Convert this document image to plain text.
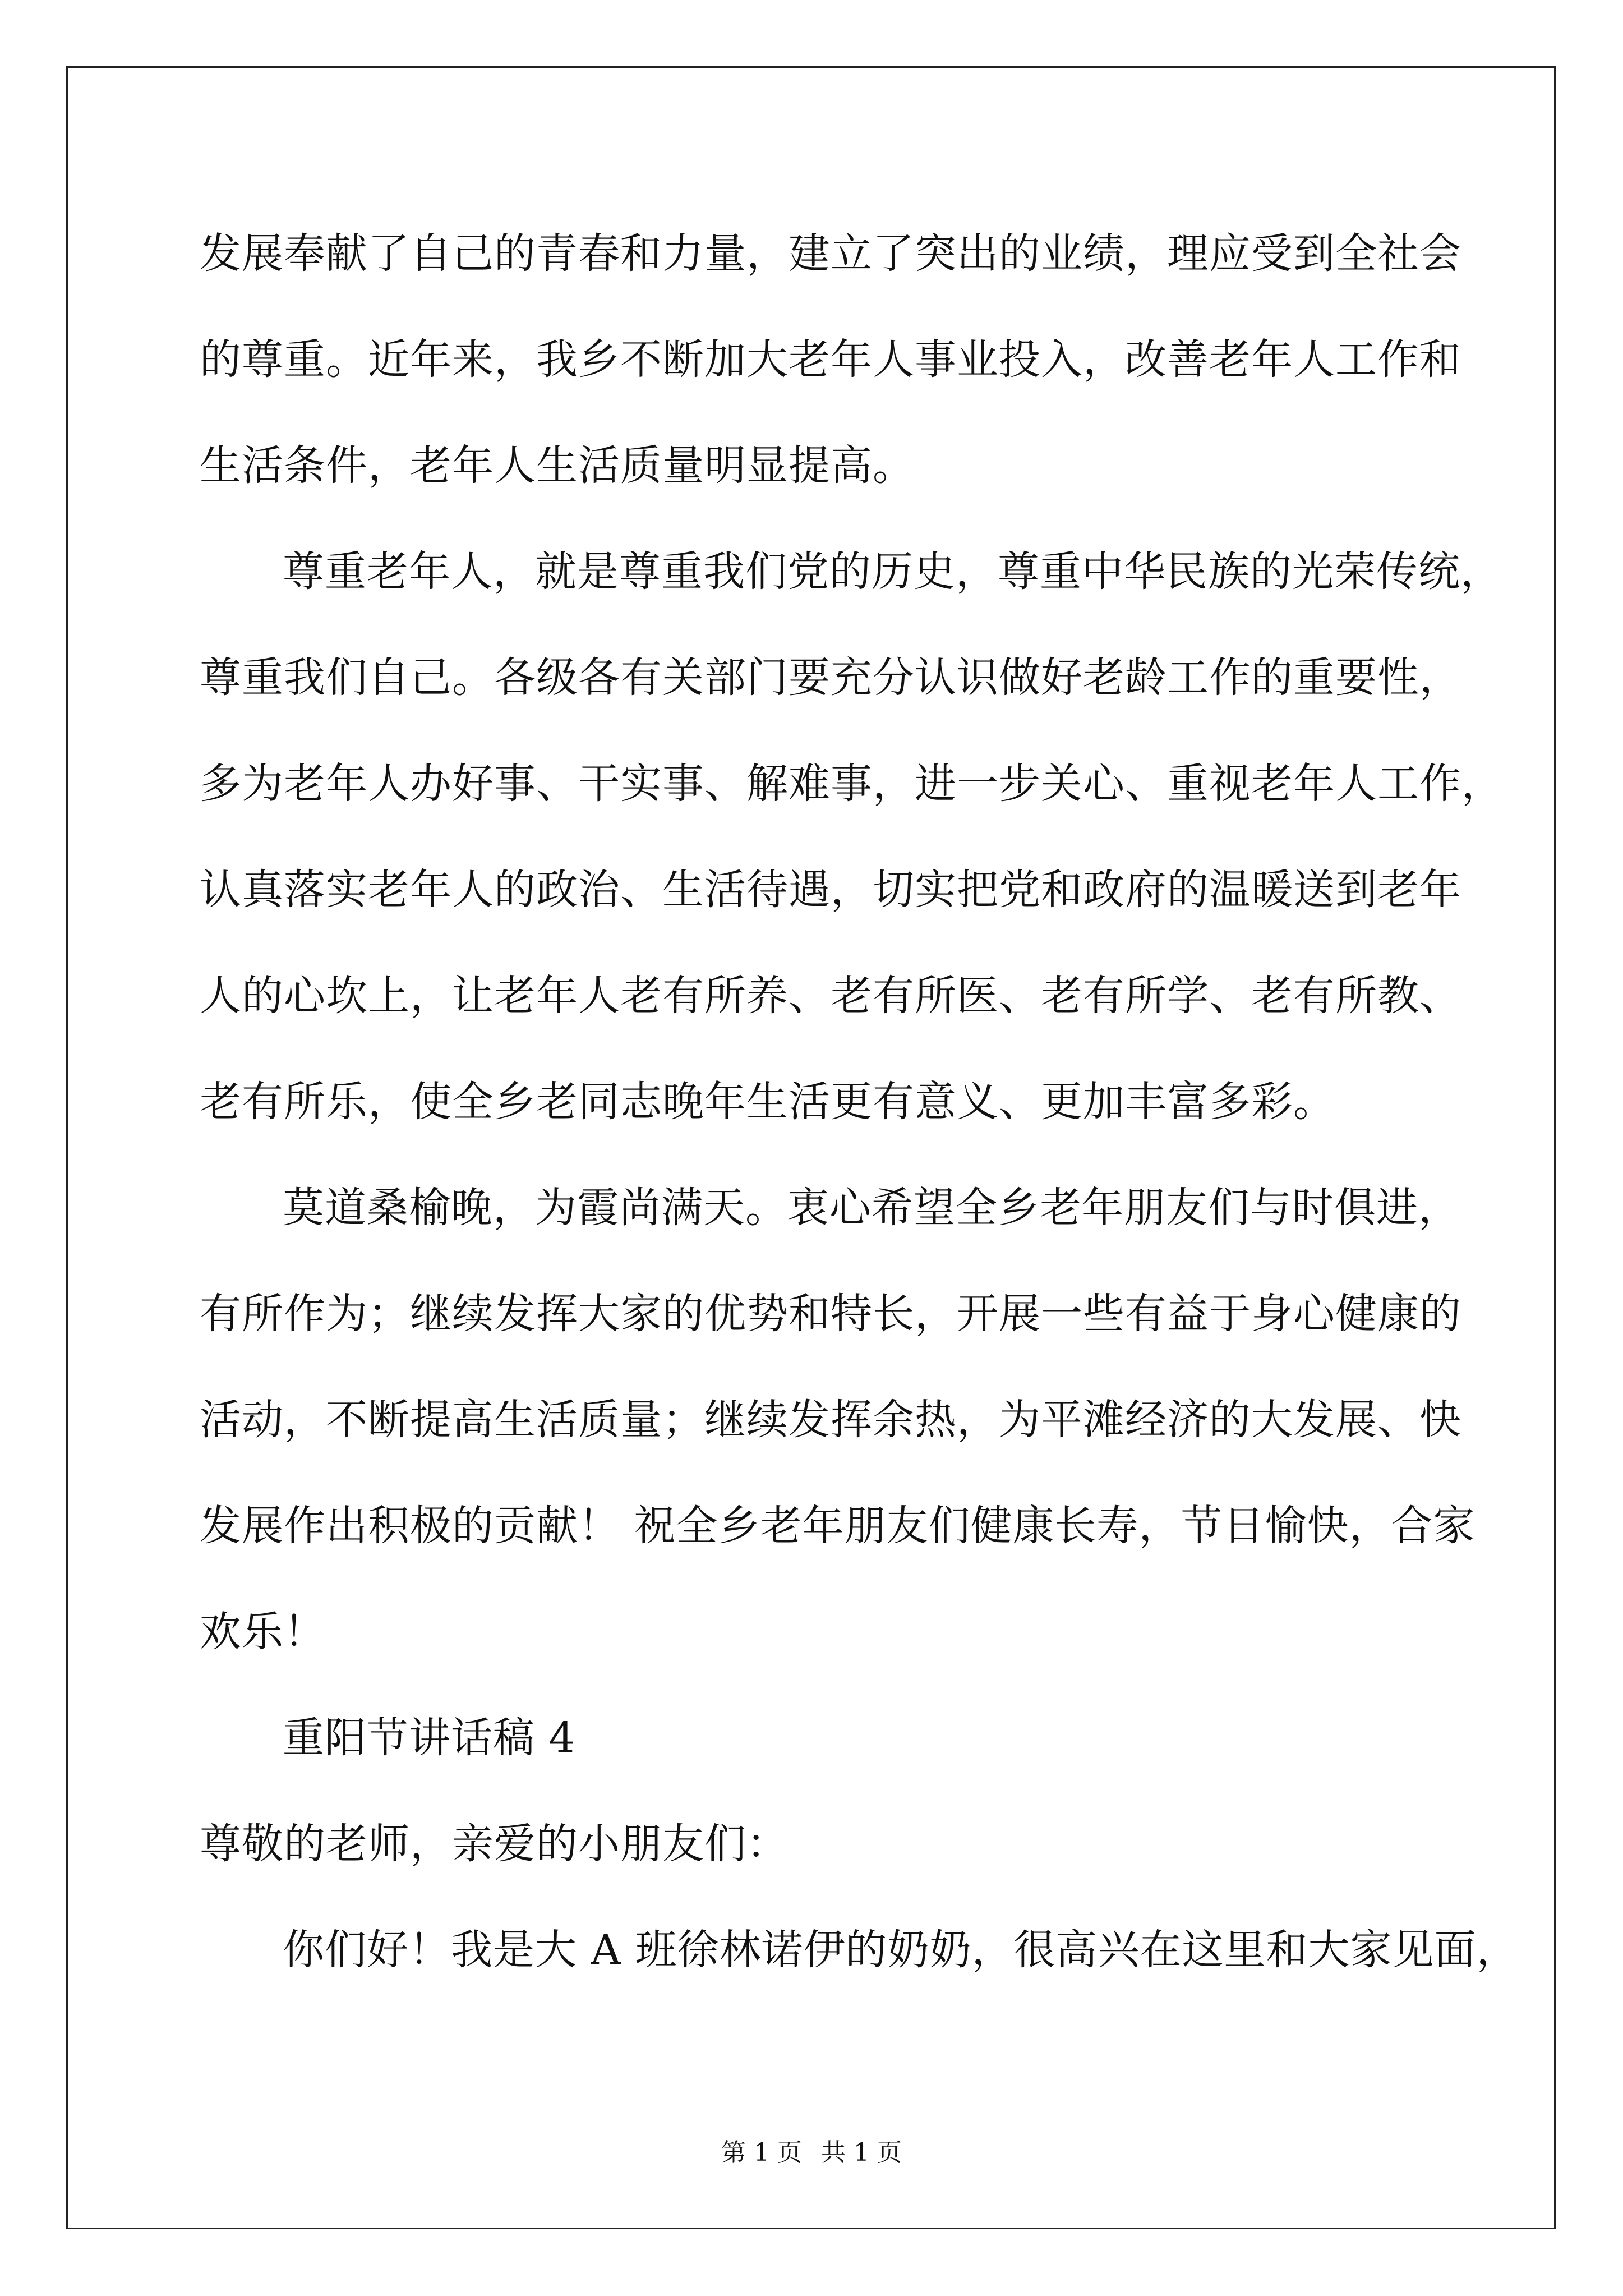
发展奉献了自己的青春和力量，建立了突出的业绩，理应受到全社会
的尊重。近年来，我乡不断加大老年人事业投入，改善老年人工作和
生活条件，老年人生活质量明显提高。
尊重老年人，就是尊重我们党的历史，尊重中华民族的光荣传统，
尊重我们自己。各级各有关部门要充分认识做好老龄工作的重要性，
多为老年人办好事、干实事、解难事，进一步关心、重视老年人工作，
认真落实老年人的政治、生活待遇，切实把党和政府的温暖送到老年
人的心坎上，让老年人老有所养、老有所医、老有所学、老有所教、
老有所乐，使全乡老同志晚年生活更有意义、更加丰富多彩。
莫道桑榆晚，为霞尚满天。衷心希望全乡老年朋友们与时俱进，
有所作为；继续发挥大家的优势和特长，开展一些有益于身心健康的
活动，不断提高生活质量；继续发挥余热，为平滩经济的大发展、快
发展作出积极的贡献！ 祝全乡老年朋友们健康长寿，节日愉快，合家
欢乐！
重阳节讲话稿 4
尊敬的老师，亲爱的小朋友们：
你们好！我是大 A 班徐林诺伊的奶奶，很高兴在这里和大家见面，
第 1 页 共 1 页
